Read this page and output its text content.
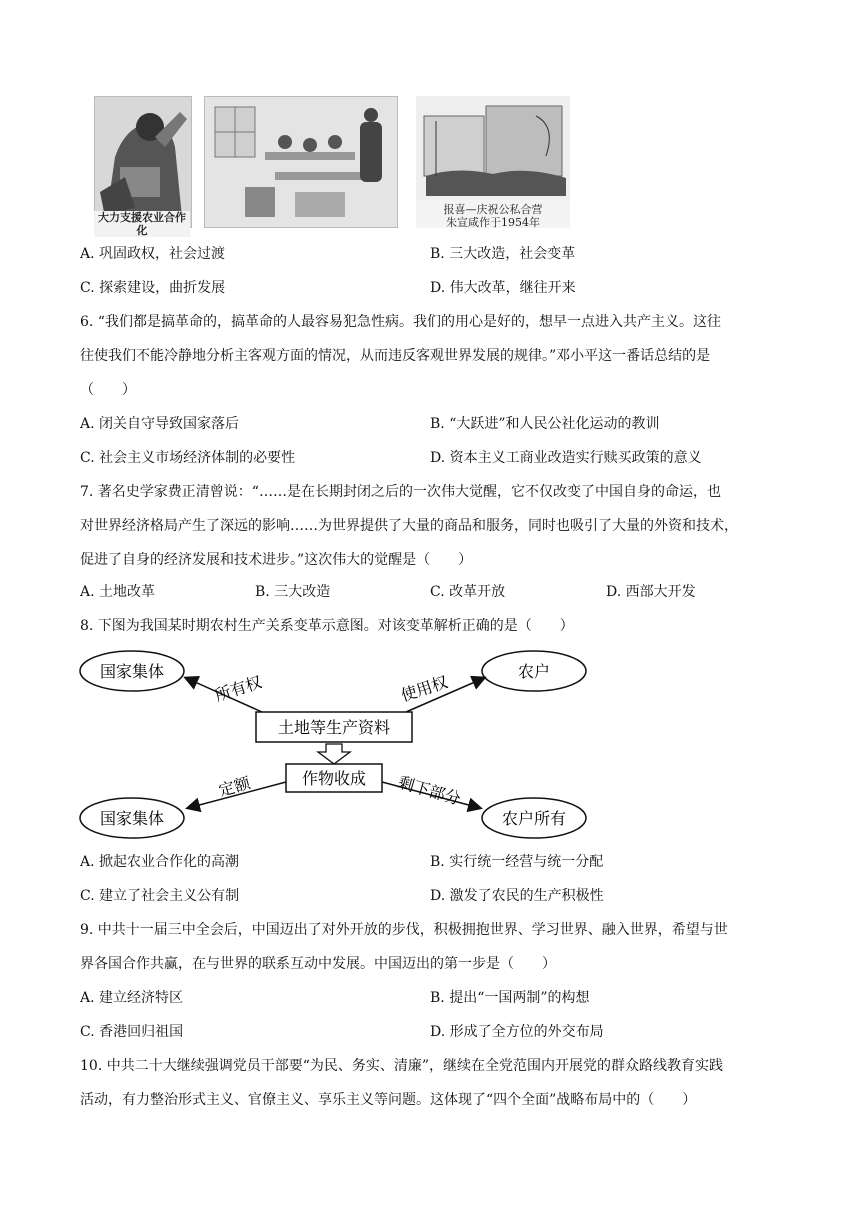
大力支援农业合作化
报喜—庆祝公私合营
朱宣咸作于1954年
A. 巩固政权，社会过渡	B. 三大改造，社会变革
C. 探索建设，曲折发展	D. 伟大改革，继往开来
6. “我们都是搞革命的，搞革命的人最容易犯急性病。我们的用心是好的，想早一点进入共产主义。这往
往使我们不能冷静地分析主客观方面的情况，从而违反客观世界发展的规律。”邓小平这一番话总结的是
（　　）
A. 闭关自守导致国家落后	B. “大跃进”和人民公社化运动的教训
C. 社会主义市场经济体制的必要性	D. 资本主义工商业改造实行赎买政策的意义
7. 著名史学家费正清曾说：“……是在长期封闭之后的一次伟大觉醒，它不仅改变了中国自身的命运，也
对世界经济格局产生了深远的影响……为世界提供了大量的商品和服务，同时也吸引了大量的外资和技术，
促进了自身的经济发展和技术进步。”这次伟大的觉醒是（　　）
A. 土地改革	B. 三大改造	C. 改革开放	D. 西部大开发
8. 下图为我国某时期农村生产关系变革示意图。对该变革解析正确的是（　　）
国家集体	农户
所有权	使用权
土地等生产资料
作物收成
定额	剩下部分
国家集体	农户所有
A. 掀起农业合作化的高潮	B. 实行统一经营与统一分配
C. 建立了社会主义公有制	D. 激发了农民的生产积极性
9. 中共十一届三中全会后，中国迈出了对外开放的步伐，积极拥抱世界、学习世界、融入世界，希望与世
界各国合作共赢，在与世界的联系互动中发展。中国迈出的第一步是（　　）
A. 建立经济特区	B. 提出“一国两制”的构想
C. 香港回归祖国	D. 形成了全方位的外交布局
10. 中共二十大继续强调党员干部要“为民、务实、清廉”，继续在全党范围内开展党的群众路线教育实践
活动，有力整治形式主义、官僚主义、享乐主义等问题。这体现了“四个全面”战略布局中的（　　）
